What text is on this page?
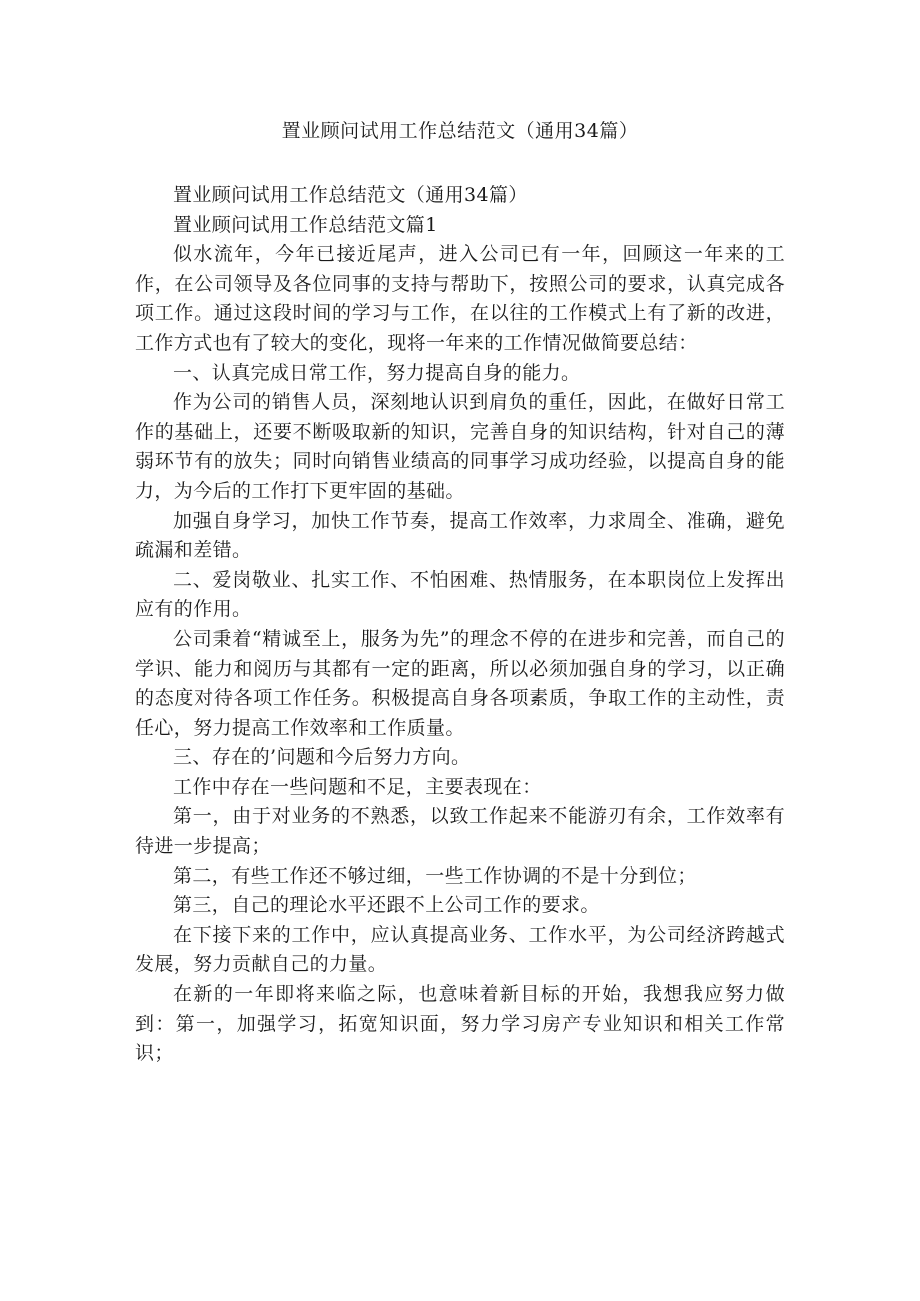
置业顾问试用工作总结范文（通用34篇）

置业顾问试用工作总结范文（通用34篇）

置业顾问试用工作总结范文篇1

似水流年，今年已接近尾声，进入公司已有一年，回顾这一年来的工作，在公司领导及各位同事的支持与帮助下，按照公司的要求，认真完成各项工作。通过这段时间的学习与工作，在以往的工作模式上有了新的改进，工作方式也有了较大的变化，现将一年来的工作情况做简要总结：

一、认真完成日常工作，努力提高自身的能力。

作为公司的销售人员，深刻地认识到肩负的重任，因此，在做好日常工作的基础上，还要不断吸取新的知识，完善自身的知识结构，针对自己的薄弱环节有的放失；同时向销售业绩高的同事学习成功经验，以提高自身的能力，为今后的工作打下更牢固的基础。

加强自身学习，加快工作节奏，提高工作效率，力求周全、准确，避免疏漏和差错。

二、爱岗敬业、扎实工作、不怕困难、热情服务，在本职岗位上发挥出应有的作用。

公司秉着“精诚至上，服务为先”的理念不停的在进步和完善，而自己的学识、能力和阅历与其都有一定的距离，所以必须加强自身的学习，以正确的态度对待各项工作任务。积极提高自身各项素质，争取工作的主动性，责任心，努力提高工作效率和工作质量。

三、存在的’问题和今后努力方向。

工作中存在一些问题和不足，主要表现在：

第一，由于对业务的不熟悉，以致工作起来不能游刃有余，工作效率有待进一步提高；

第二，有些工作还不够过细，一些工作协调的不是十分到位；

第三，自己的理论水平还跟不上公司工作的要求。

在下接下来的工作中，应认真提高业务、工作水平，为公司经济跨越式发展，努力贡献自己的力量。

在新的一年即将来临之际，也意味着新目标的开始，我想我应努力做到：第一，加强学习，拓宽知识面，努力学习房产专业知识和相关工作常识；
